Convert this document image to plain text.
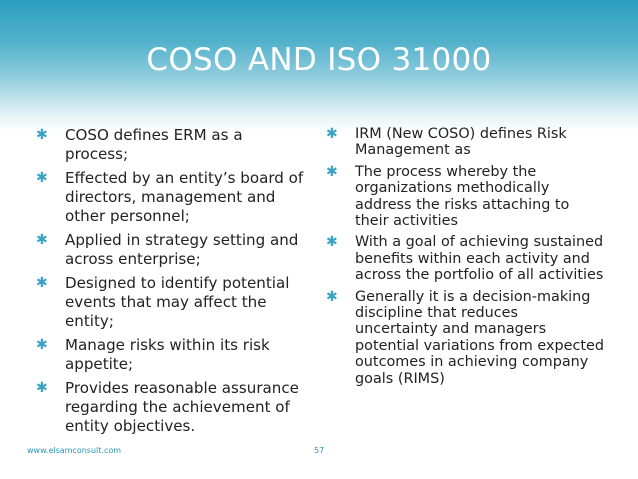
COSO AND ISO 31000
✱ COSO defines ERM as a process;
✱ Effected by an entity’s board of directors, management and other personnel;
✱ Applied in strategy setting and across enterprise;
✱ Designed to identify potential events that may affect the entity;
✱ Manage risks within its risk appetite;
✱ Provides reasonable assurance regarding the achievement of entity objectives.
✱ IRM (New COSO) defines Risk Management as
✱ The process whereby the organizations methodically address the risks attaching to their activities
✱ With a goal of achieving sustained benefits within each activity and across the portfolio of all activities
✱ Generally it is a decision-making discipline that reduces uncertainty and managers potential variations from expected outcomes in achieving company goals (RIMS)
www.elsamconsult.com	57
